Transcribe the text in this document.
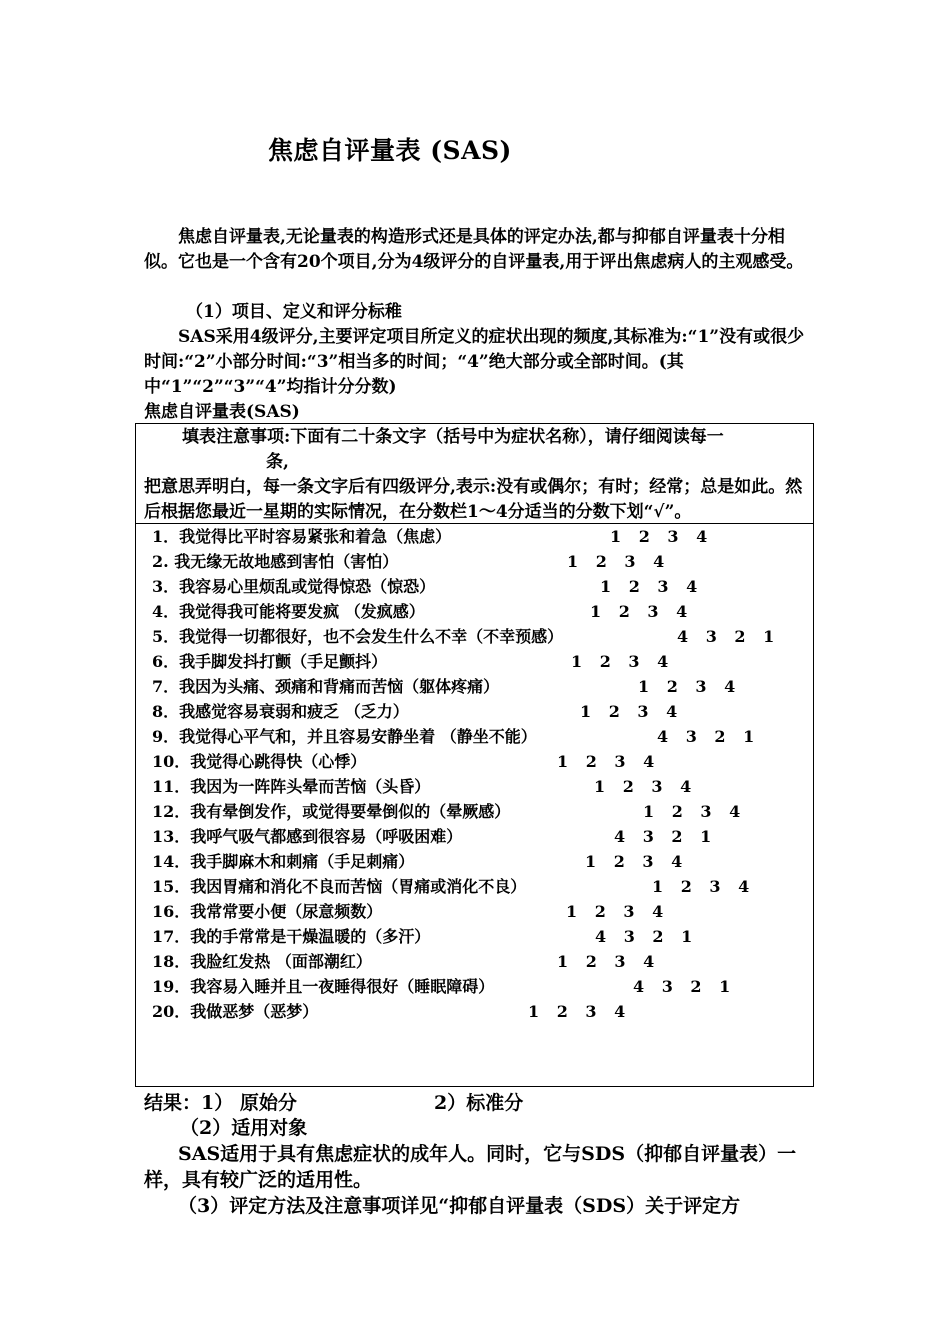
焦虑自评量表 (SAS)
焦虑自评量表,无论量表的构造形式还是具体的评定办法,都与抑郁自评量表十分相似。它也是一个含有20个项目,分为4级评分的自评量表,用于评出焦虑病人的主观感受。
（1）项目、定义和评分标稚
SAS采用4级评分,主要评定项目所定义的症状出现的频度,其标准为:“1”没有或很少时间:“2”小部分时间:“3”相当多的时间；“4”绝大部分或全部时间。(其中“1”“2”“3”“4”均指计分分数)
焦虑自评量表(SAS)
填表注意事项:下面有二十条文字（括号中为症状名称），请仔细阅读每一
条,
把意思弄明白，每一条文字后有四级评分,表示:没有或偶尔；有时；经常；总是如此。然后根据您最近一星期的实际情况，在分数栏1～4分适当的分数下划“√”。
1．我觉得比平时容易紧张和着急（焦虑）	1 2 3 4
2. 我无缘无故地感到害怕（害怕）	1 2 3 4
3．我容易心里烦乱或觉得惊恐（惊恐）	1 2 3 4
4．我觉得我可能将要发疯 （发疯感）	1 2 3 4
5．我觉得一切都很好，也不会发生什么不幸（不幸预感）	4 3 2 1
6．我手脚发抖打颤（手足颤抖）	1 2 3 4
7．我因为头痛、颈痛和背痛而苦恼（躯体疼痛）	1 2 3 4
8．我感觉容易衰弱和疲乏 （乏力）	1 2 3 4
9．我觉得心平气和，并且容易安静坐着 （静坐不能）	4 3 2 1
10．我觉得心跳得快（心悸）	1 2 3 4
11．我因为一阵阵头晕而苦恼（头昏）	1 2 3 4
12．我有晕倒发作，或觉得要晕倒似的（晕厥感）	1 2 3 4
13．我呼气吸气都感到很容易（呼吸困难）	4 3 2 1
14．我手脚麻木和刺痛（手足刺痛）	1 2 3 4
15．我因胃痛和消化不良而苦恼（胃痛或消化不良）	1 2 3 4
16．我常常要小便（尿意频数）	1 2 3 4
17．我的手常常是干燥温暖的（多汗）	4 3 2 1
18．我脸红发热 （面部潮红）	1 2 3 4
19．我容易入睡并且一夜睡得很好（睡眠障碍）	4 3 2 1
20．我做恶梦（恶梦）	1 2 3 4
结果：1） 原始分	2）标准分
（2）适用对象
SAS适用于具有焦虑症状的成年人。同时，它与SDS（抑郁自评量表）一样，具有较广泛的适用性。
（3）评定方法及注意事项详见“抑郁自评量表（SDS）关于评定方
